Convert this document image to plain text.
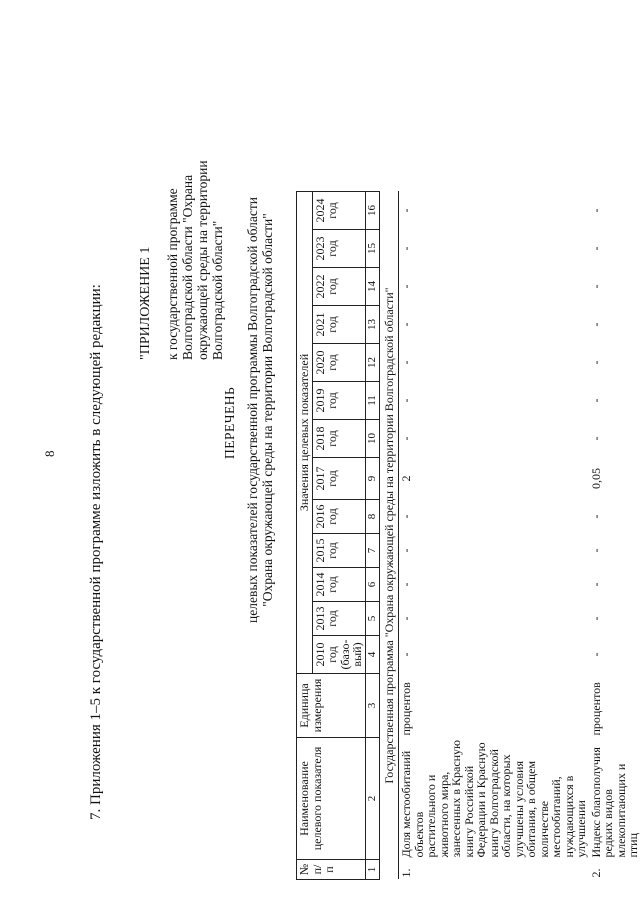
8 7. Приложения 1–5 к государственной программе изложить в следующей редакции: "ПРИЛОЖЕНИЕ 1 к государственной программе Волгоградской области "Охрана окружающей среды на территории Волгоградской области"
ПЕРЕЧЕНЬ целевых показателей государственной программы Волгоградской области "Охрана окружающей среды на территории Волгоградской области"
№ п/п	Наименование целевого показателя	Единица измерения	Значения целевых показателей												
			2010 год (базо-вый)	2013 год	2014 год	2015 год	2016 год	2017 год	2018 год	2019 год	2020 год	2021 год	2022 год	2023 год	2024 год
1	2	3	4	5	6	7	8	9	10	11	12	13	14	15	16
Государственная программа "Охрана окружающей среды на территории Волгоградской области"															
1.	Доля местообитаний объектов растительного и животного мира, занесенных в Красную книгу Российской Федерации и Красную книгу Волгоградской области, на которых улучшены условия обитания, в общем количестве местообитаний, нуждающихся в улучшении	процентов	-	-	-	-	-	2	-	-	-	-	-	-	-
2.	Индекс благополучия редких видов млекопитающих и птиц	процентов	-	-	-	-	-	0,05	-	-	-	-	-	-	-
